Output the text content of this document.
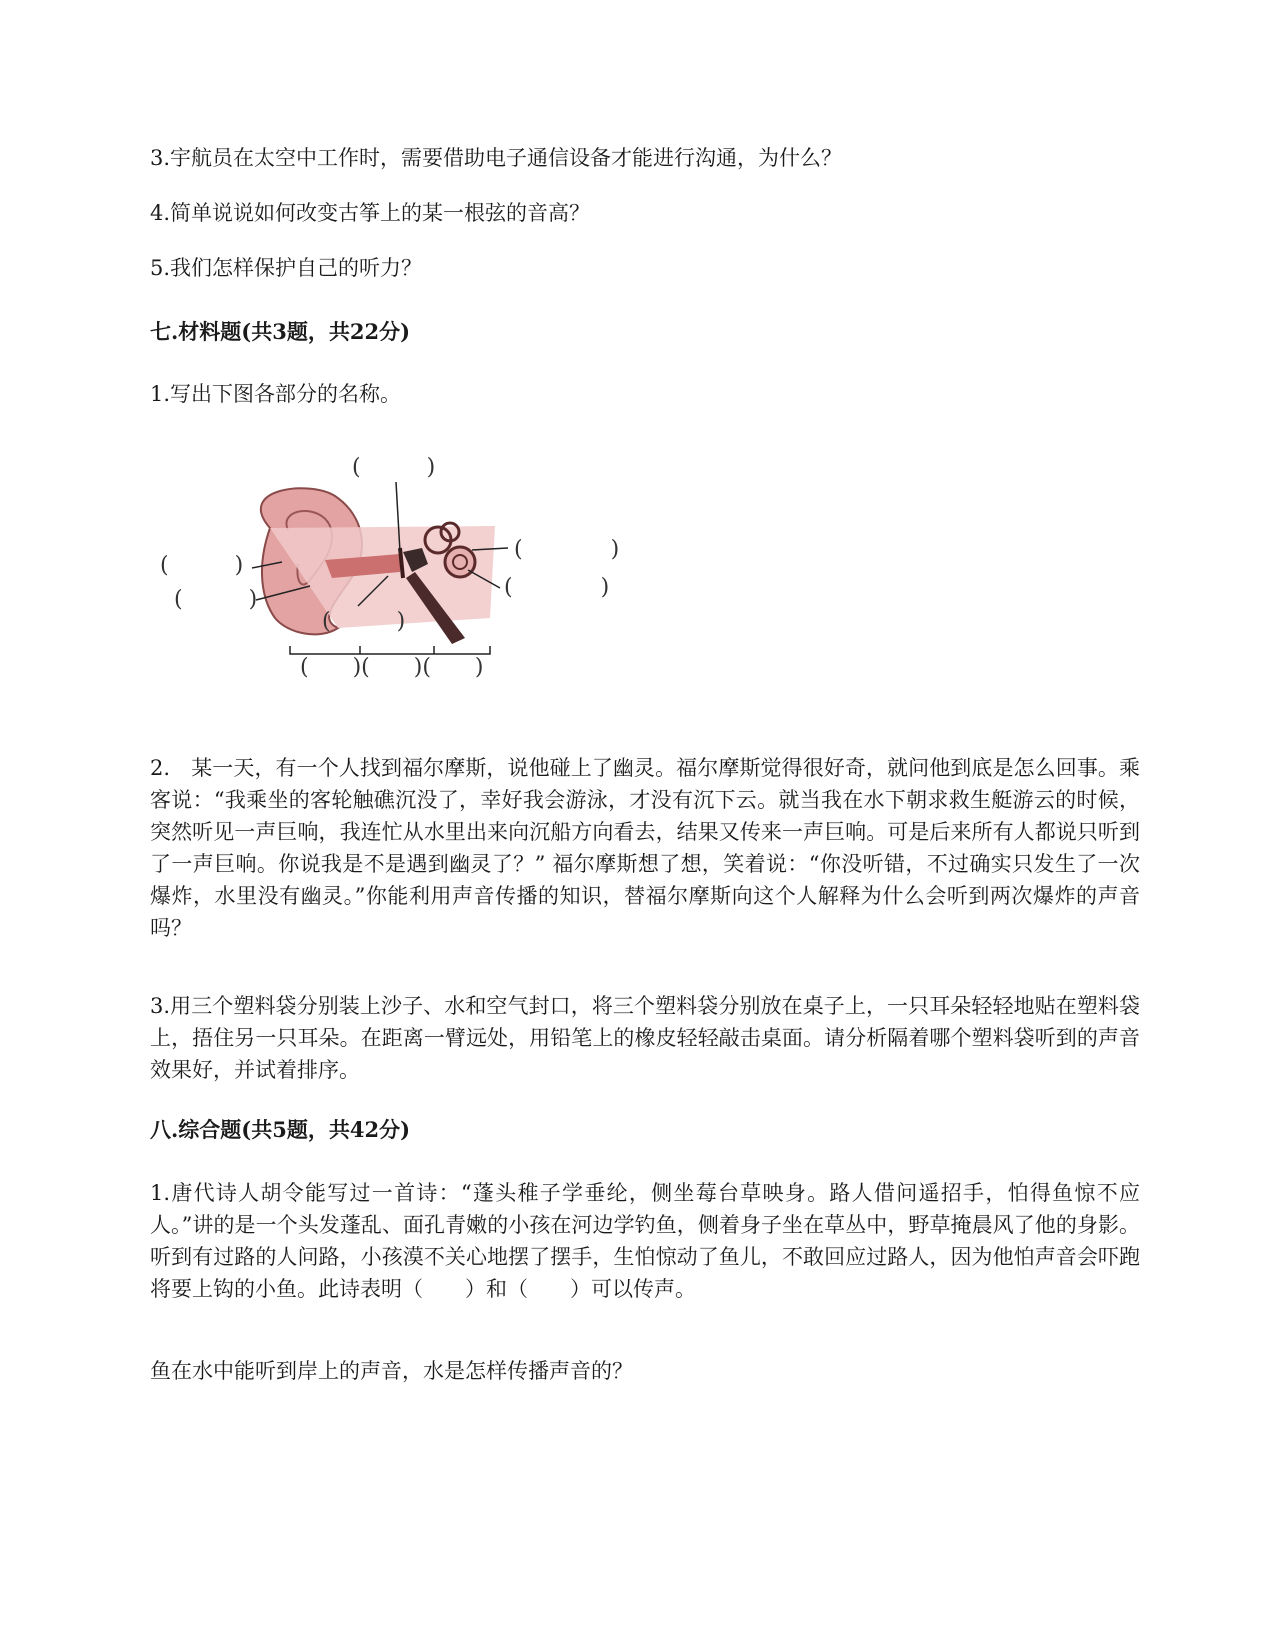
3.宇航员在太空中工作时，需要借助电子通信设备才能进行沟通，为什么？

4.简单说说如何改变古筝上的某一根弦的音高？

5.我们怎样保护自己的听力？

七.材料题(共3题，共22分)

1.写出下图各部分的名称。

(　　　)
(　　　)
(　　　)
(　　　　)
(　　　　)
(　　　)
(　　)(　　)(　　)

2.　某一天，有一个人找到福尔摩斯，说他碰上了幽灵。福尔摩斯觉得很好奇，就问他到底是怎么回事。乘客说：“我乘坐的客轮触礁沉没了，幸好我会游泳，才没有沉下云。就当我在水下朝求救生艇游云的时候，突然听见一声巨响，我连忙从水里出来向沉船方向看去，结果又传来一声巨响。可是后来所有人都说只听到了一声巨响。你说我是不是遇到幽灵了？” 福尔摩斯想了想，笑着说：“你没听错，不过确实只发生了一次爆炸，水里没有幽灵。”你能利用声音传播的知识，替福尔摩斯向这个人解释为什么会听到两次爆炸的声音吗？

3.用三个塑料袋分别装上沙子、水和空气封口，将三个塑料袋分别放在桌子上，一只耳朵轻轻地贴在塑料袋上，捂住另一只耳朵。在距离一臂远处，用铅笔上的橡皮轻轻敲击桌面。请分析隔着哪个塑料袋听到的声音效果好，并试着排序。

八.综合题(共5题，共42分)

1.唐代诗人胡令能写过一首诗：“蓬头稚子学垂纶，侧坐莓台草映身。路人借问遥招手，怕得鱼惊不应人。”讲的是一个头发蓬乱、面孔青嫩的小孩在河边学钓鱼，侧着身子坐在草丛中，野草掩晨风了他的身影。听到有过路的人问路，小孩漠不关心地摆了摆手，生怕惊动了鱼儿，不敢回应过路人，因为他怕声音会吓跑将要上钩的小鱼。此诗表明（　　）和（　　）可以传声。

鱼在水中能听到岸上的声音，水是怎样传播声音的？
